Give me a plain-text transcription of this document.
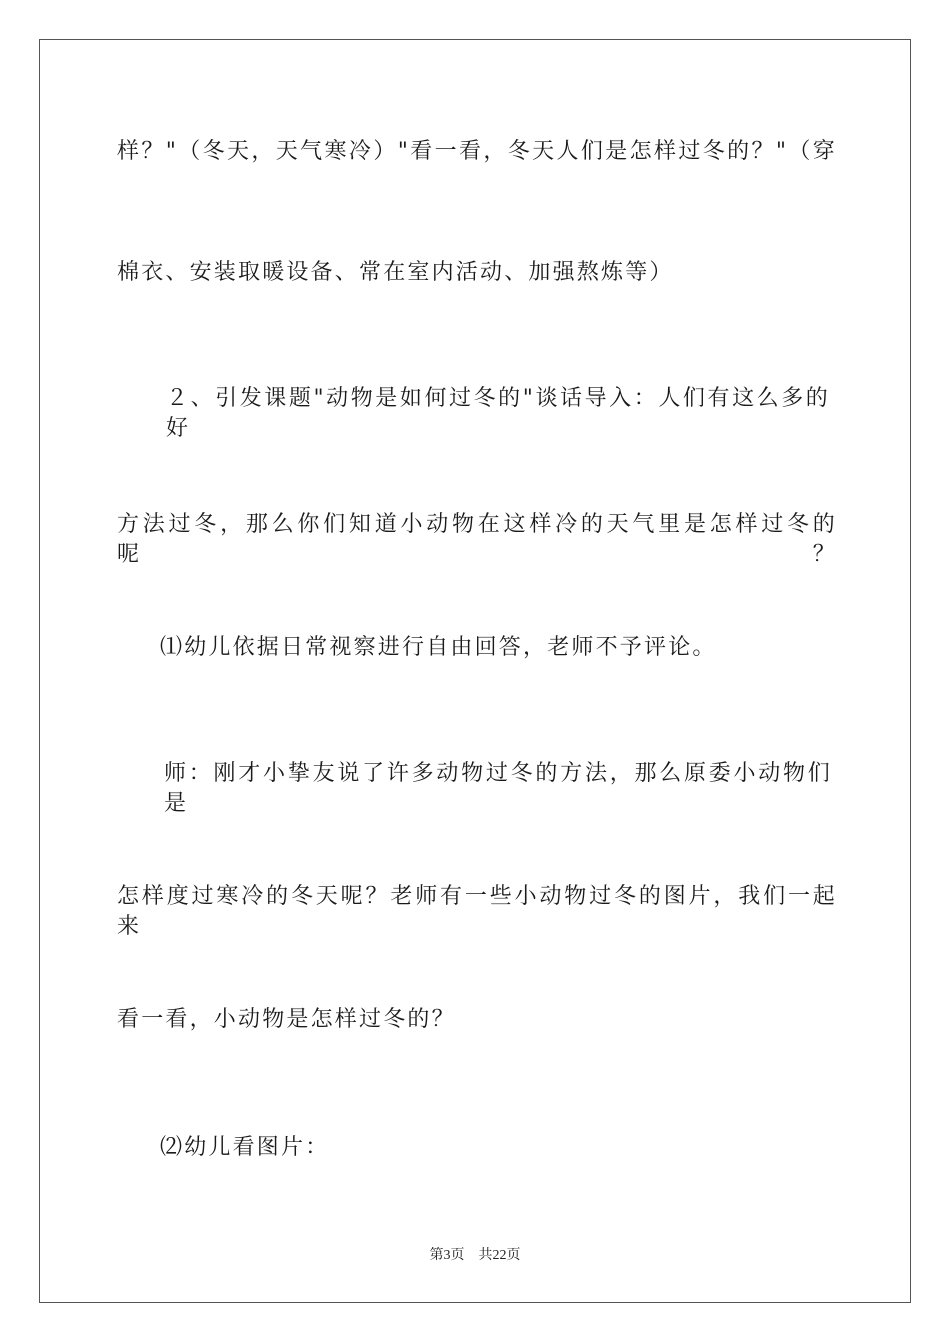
样？"（冬天，天气寒冷）"看一看，冬天人们是怎样过冬的？"（穿
棉衣、安装取暖设备、常在室内活动、加强熬炼等）
２、引发课题"动物是如何过冬的"谈话导入：人们有这么多的好
方法过冬，那么你们知道小动物在这样冷的天气里是怎样过冬的呢？
⑴幼儿依据日常视察进行自由回答，老师不予评论。
师：刚才小挚友说了许多动物过冬的方法，那么原委小动物们是
怎样度过寒冷的冬天呢？老师有一些小动物过冬的图片，我们一起来
看一看，小动物是怎样过冬的？
⑵幼儿看图片：
第3页 共22页
